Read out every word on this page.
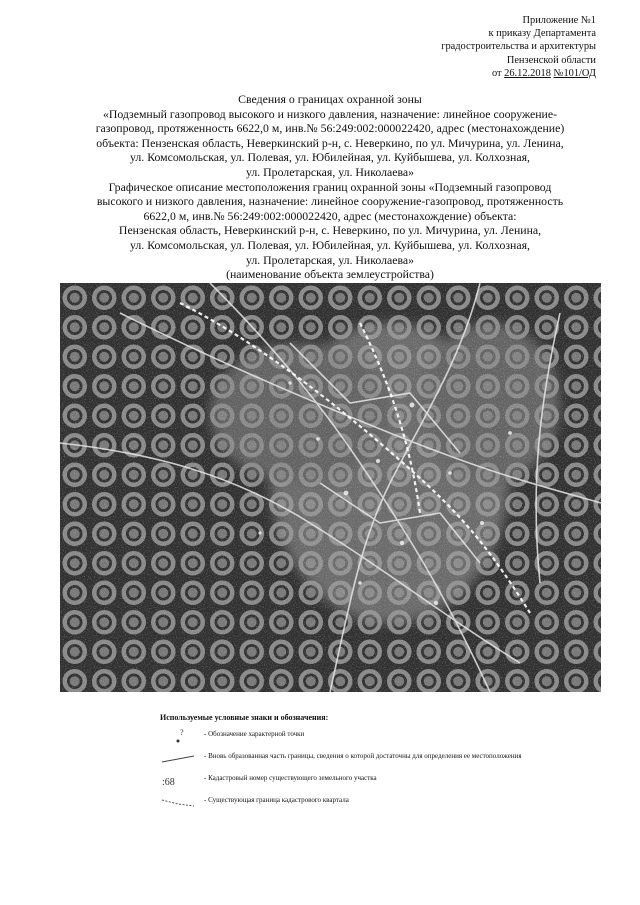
Приложение №1
к приказу Департамента
градостроительства и архитектуры
Пензенской области
от 26.12.2018 №101/ОД
Сведения о границах охранной зоны
«Подземный газопровод высокого и низкого давления, назначение: линейное сооружение-
газопровод, протяженность 6622,0 м, инв.№ 56:249:002:000022420, адрес (местонахождение)
объекта: Пензенская область, Неверкинский р-н, с. Неверкино, по ул. Мичурина, ул. Ленина,
ул. Комсомольская, ул. Полевая, ул. Юбилейная, ул. Куйбышева, ул. Колхозная,
ул. Пролетарская, ул. Николаева»
Графическое описание местоположения границ охранной зоны «Подземный газопровод
высокого и низкого давления, назначение: линейное сооружение-газопровод, протяженность
6622,0 м, инв.№ 56:249:002:000022420, адрес (местонахождение) объекта:
Пензенская область, Неверкинский р-н, с. Неверкино, по ул. Мичурина, ул. Ленина,
ул. Комсомольская, ул. Полевая, ул. Юбилейная, ул. Куйбышева, ул. Колхозная,
ул. Пролетарская, ул. Николаева»
(наименование объекта землеустройства)
Используемые условные знаки и обозначения:
?	- Обозначение характерной точки
- Вновь образованная часть границы, сведения о которой достаточны для определения ее местоположения
:68	- Кадастровый номер существующего земельного участка
- Существующая граница кадастрового квартала
